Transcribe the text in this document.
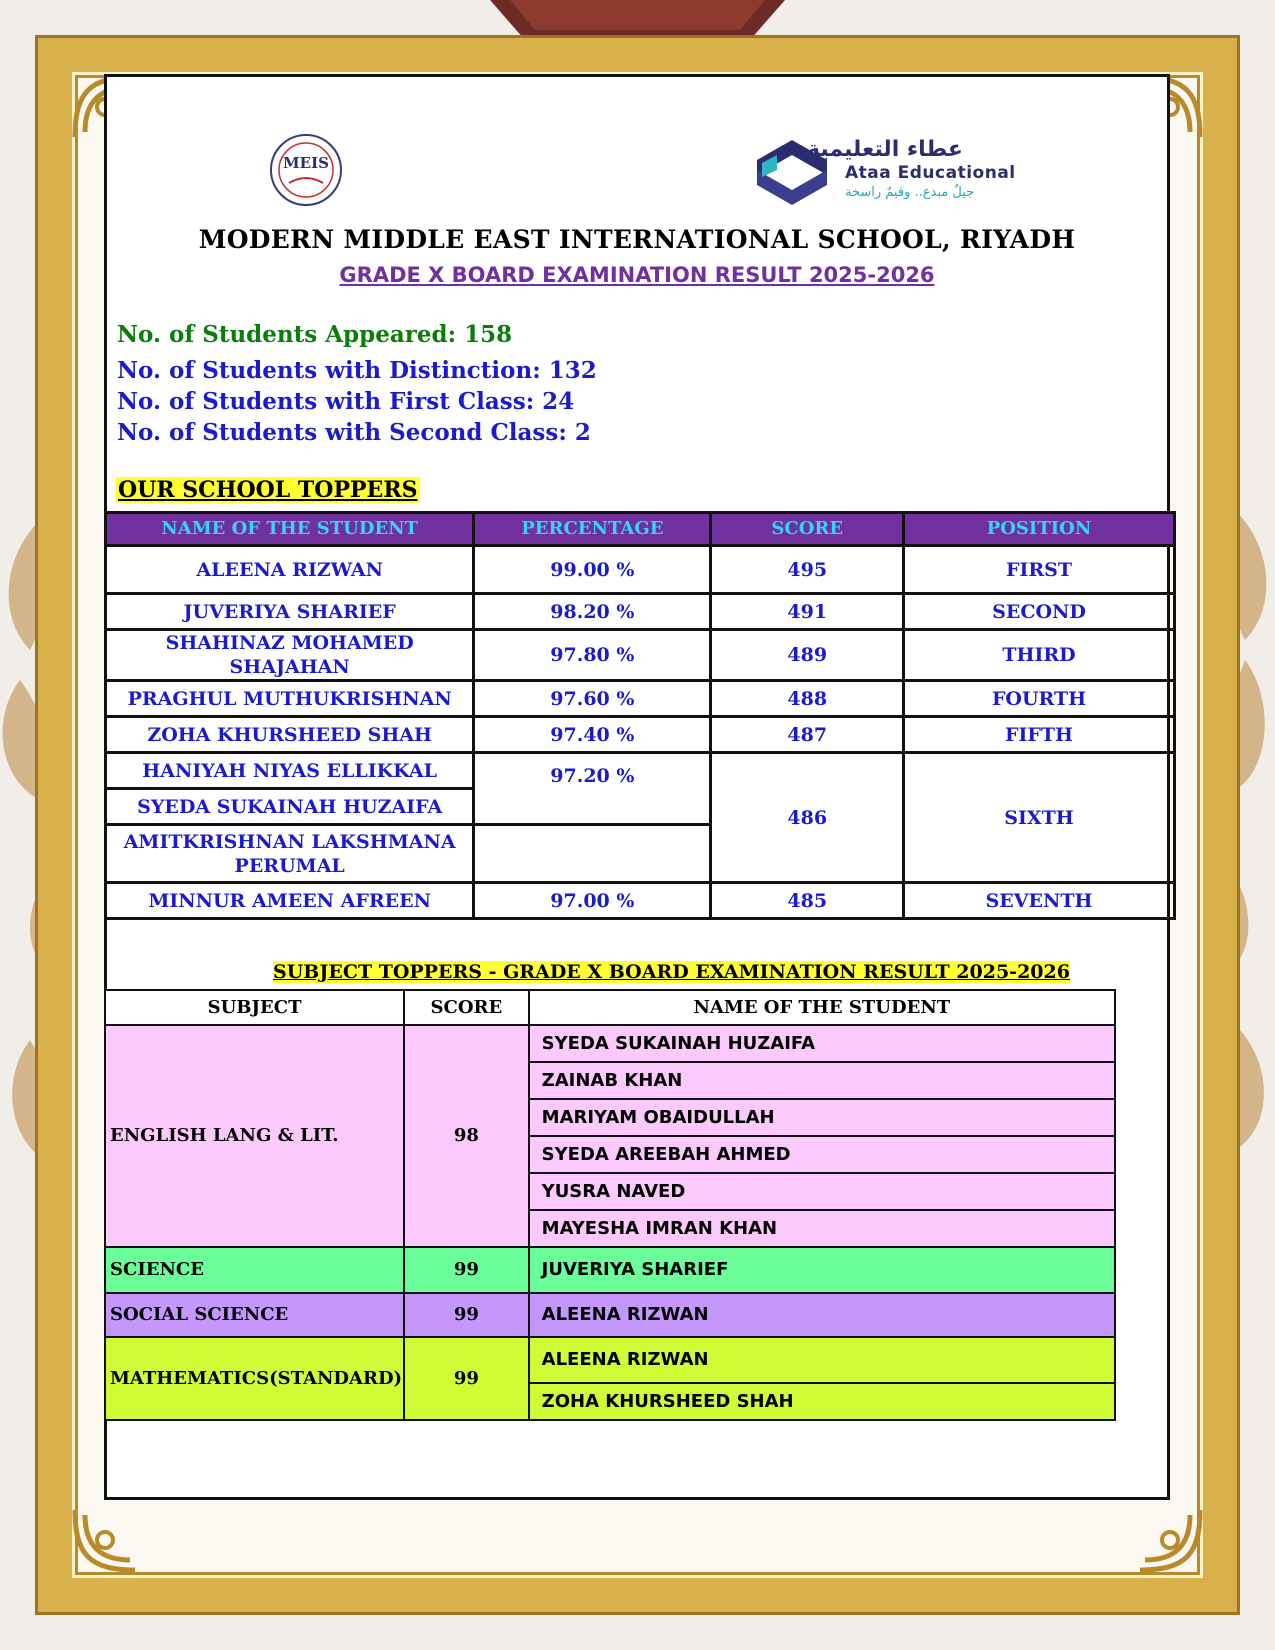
MEIS
عطاء التعليمية
Ataa Educational
جيلٌ مبدع.. وقيمٌ راسخة
MODERN MIDDLE EAST INTERNATIONAL SCHOOL, RIYADH
GRADE X BOARD EXAMINATION RESULT 2025-2026
No. of Students Appeared: 158
No. of Students with Distinction: 132
No. of Students with First Class: 24
No. of Students with Second Class: 2
OUR SCHOOL TOPPERS
NAME OF THE STUDENT	PERCENTAGE	SCORE	POSITION
ALEENA RIZWAN	99.00 %	495	FIRST
JUVERIYA SHARIEF	98.20 %	491	SECOND
SHAHINAZ MOHAMED SHAJAHAN	97.80 %	489	THIRD
PRAGHUL MUTHUKRISHNAN	97.60 %	488	FOURTH
ZOHA KHURSHEED SHAH	97.40 %	487	FIFTH
HANIYAH NIYAS ELLIKKAL	97.20 %	486	SIXTH
SYEDA SUKAINAH HUZAIFA			
AMITKRISHNAN LAKSHMANA PERUMAL			
MINNUR AMEEN AFREEN	97.00 %	485	SEVENTH
SUBJECT TOPPERS - GRADE X BOARD EXAMINATION RESULT 2025-2026
SUBJECT	SCORE	NAME OF THE STUDENT
ENGLISH LANG & LIT.	98	SYEDA SUKAINAH HUZAIFA
		ZAINAB KHAN
		MARIYAM OBAIDULLAH
		SYEDA AREEBAH AHMED
		YUSRA NAVED
		MAYESHA IMRAN KHAN
SCIENCE	99	JUVERIYA SHARIEF
SOCIAL SCIENCE	99	ALEENA RIZWAN
MATHEMATICS(STANDARD)	99	ALEENA RIZWAN
		ZOHA KHURSHEED SHAH
